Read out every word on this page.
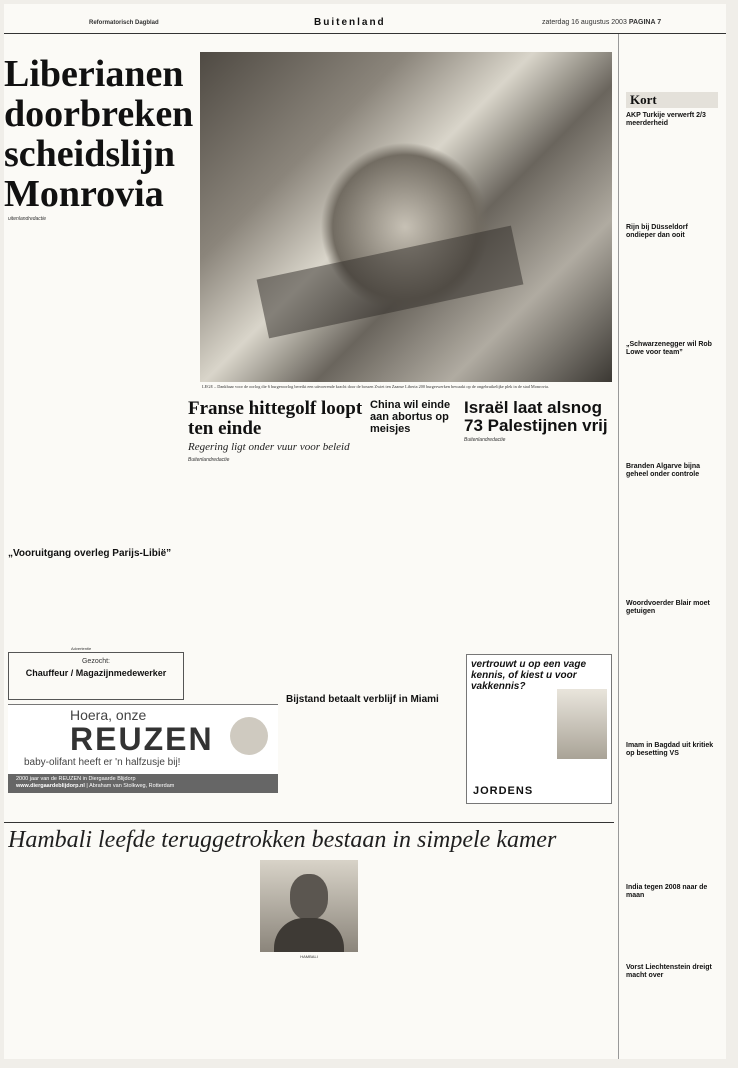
Reformatorisch Dagblad	Buitenland	zaterdag 16 augustus 2003 PAGINA 7
Liberianen doorbreken scheidslijn Monrovia
uitenlandredactie
LEGE – Dankbaar voor de oorlog die 6 burgeroorlog bereikt een uitvoerende kracht door de bossen Zwiet ten Zaanse Liberia 200 burgerwerken bewaakt op de ongebruikelijke plek in de stad Monrovia.
„Vooruitgang overleg Parijs-Libië”
Advertentie
Gezocht:
Chauffeur / Magazijnmedewerker
Franse hittegolf loopt ten einde
Regering ligt onder vuur voor beleid
Buitenlandredactie
China wil einde aan abortus op meisjes
Israël laat alsnog 73 Palestijnen vrij
Buitenlandredactie
Hoera, onze
REUZEN
baby-olifant heeft er 'n halfzusje bij!
2000 jaar van de REUZEN in Diergaarde Blijdorp
www.diergaardeblijdorp.nl | Abraham van Stolkweg, Rotterdam
Bijstand betaalt verblijf in Miami
vertrouwt u op een vage kennis, of kiest u voor vakkennis?
JORDENS
Hambali leefde teruggetrokken bestaan in simpele kamer
HAMBALI
Kort
AKP Turkije verwerft 2/3 meerderheid
Rijn bij Düsseldorf ondieper dan ooit
„Schwarzenegger wil Rob Lowe voor team”
Branden Algarve bijna geheel onder controle
Woordvoerder Blair moet getuigen
Imam in Bagdad uit kritiek op besetting VS
India tegen 2008 naar de maan
Vorst Liechtenstein dreigt macht over
